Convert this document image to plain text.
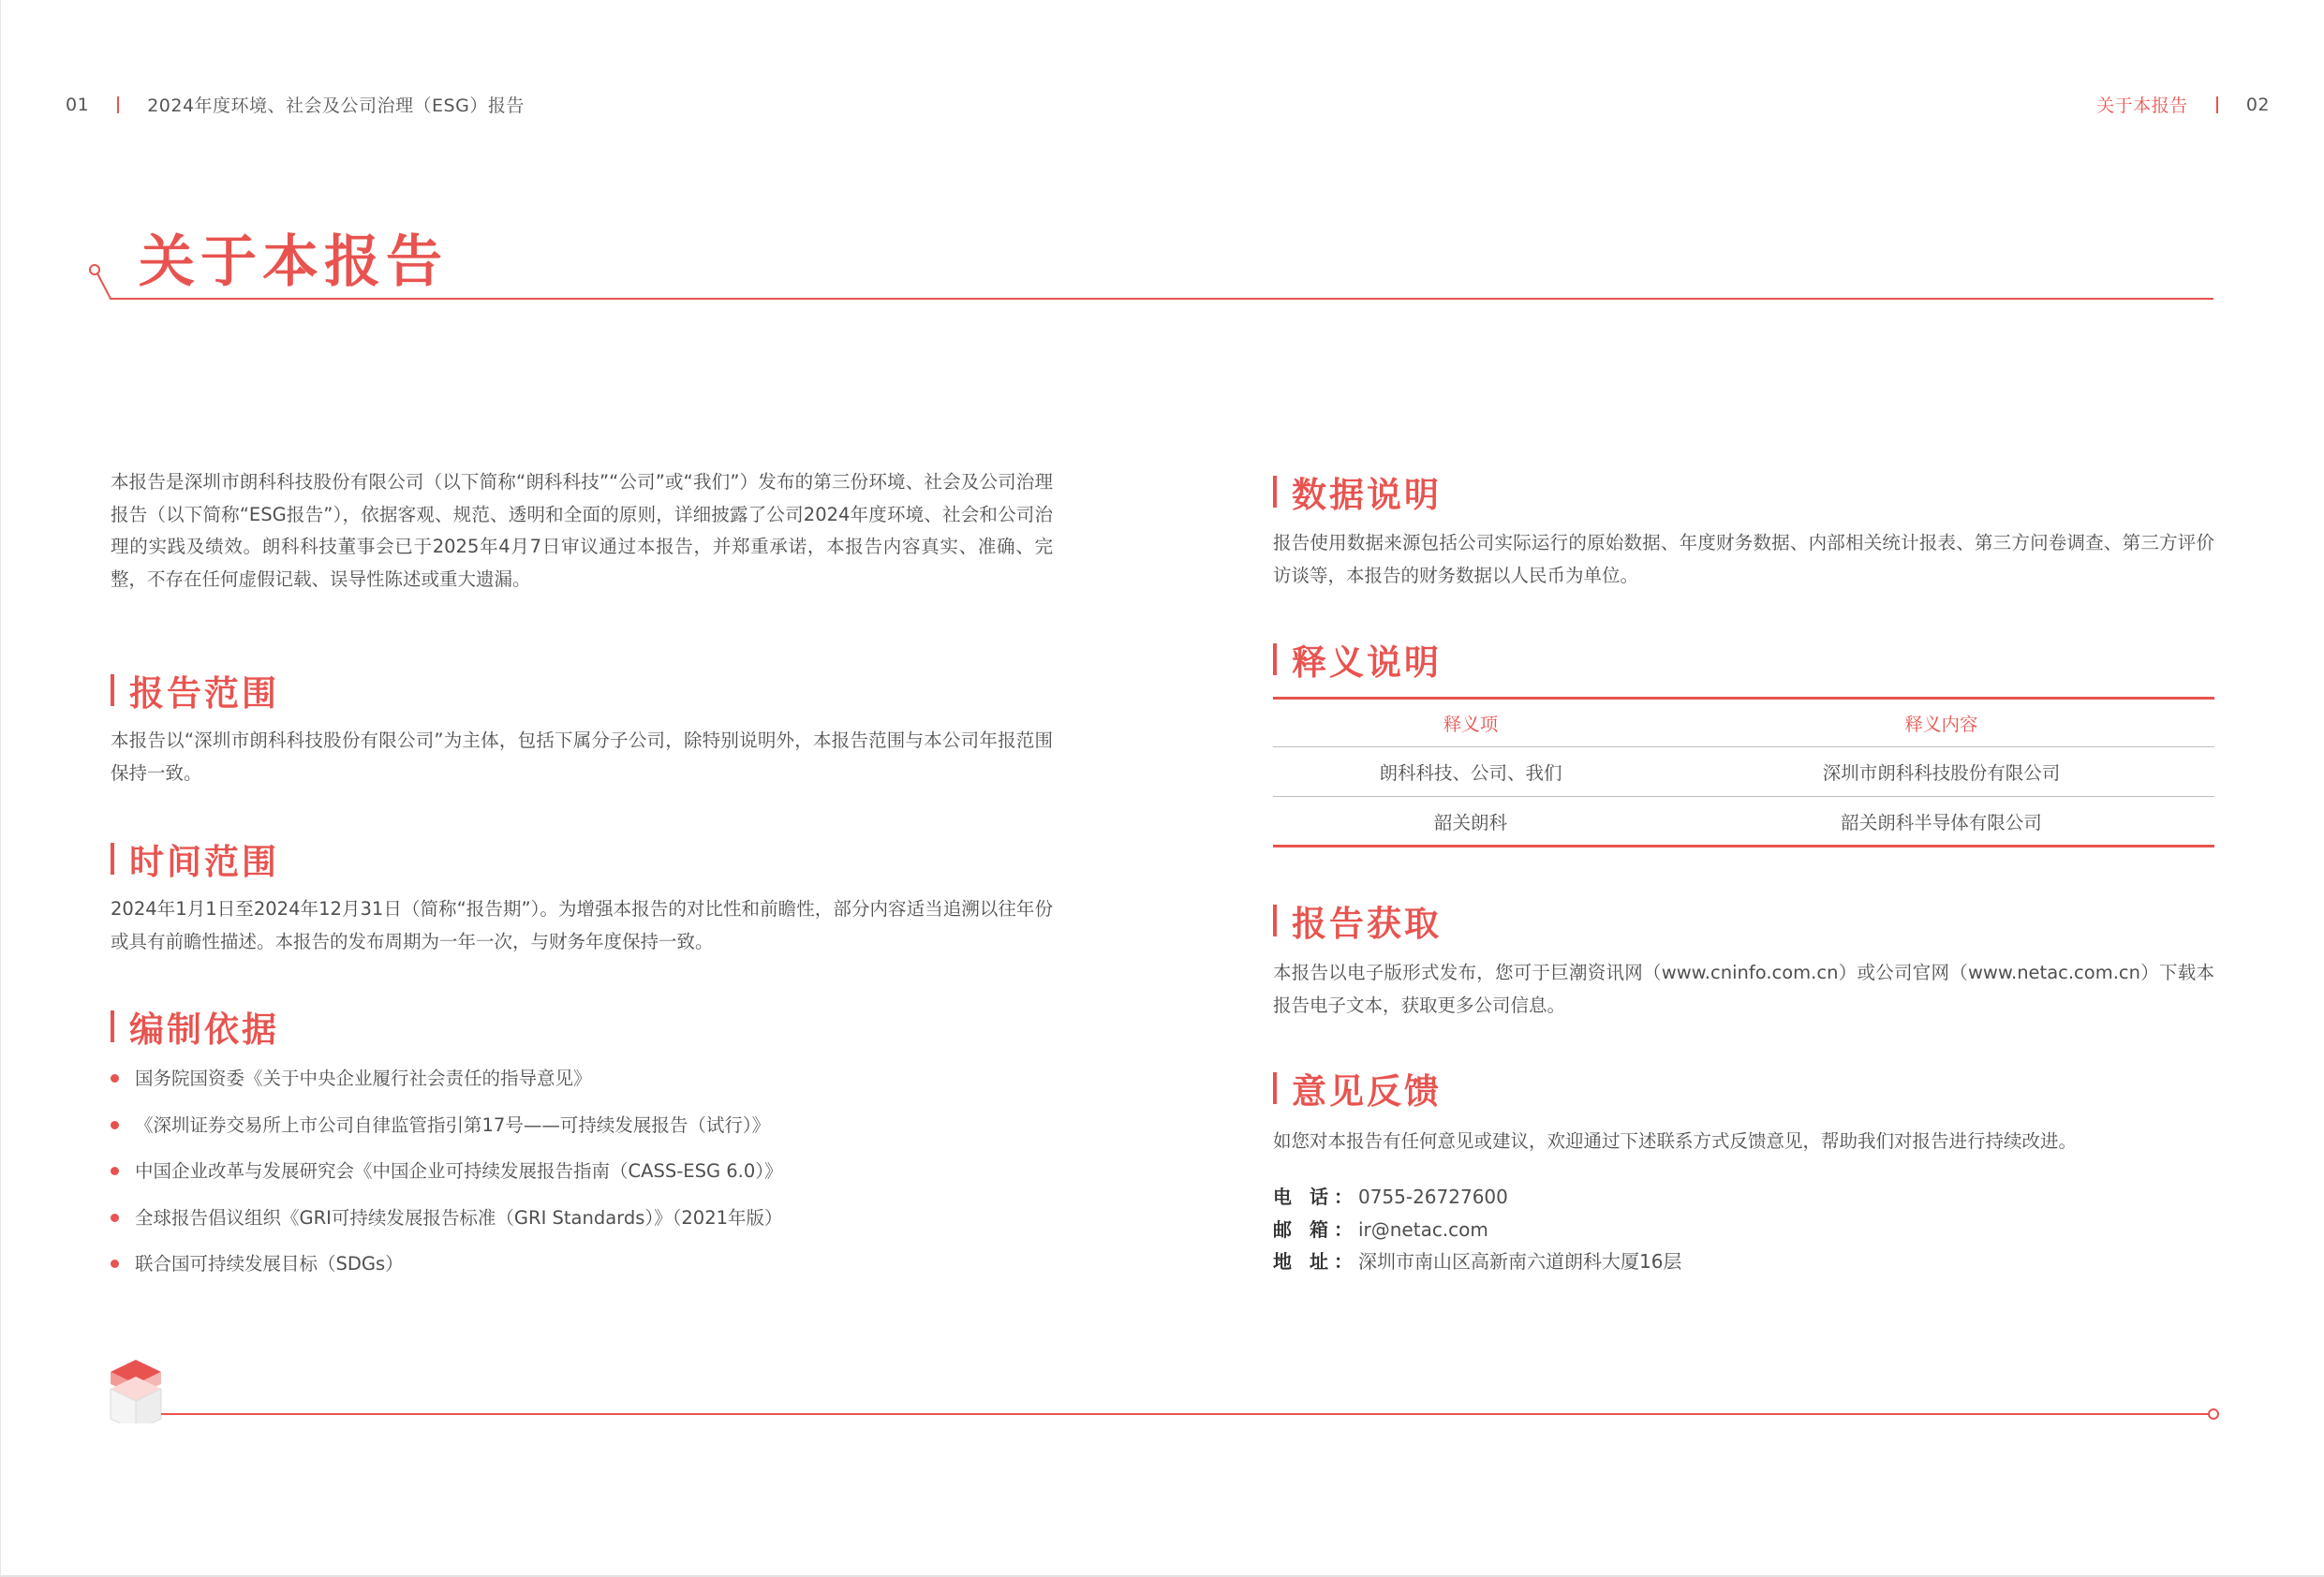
01	2024年度环境、社会及公司治理（ESG）报告	关于本报告	02
关于本报告

本报告是深圳市朗科科技股份有限公司（以下简称“朗科科技”“公司”或“我们”）发布的第三份环境、社会及公司治理报告（以下简称“ESG报告”），依据客观、规范、透明和全面的原则，详细披露了公司2024年度环境、社会和公司治理的实践及绩效。朗科科技董事会已于2025年4月7日审议通过本报告，并郑重承诺，本报告内容真实、准确、完整，不存在任何虚假记载、误导性陈述或重大遗漏。

报告范围

本报告以“深圳市朗科科技股份有限公司”为主体，包括下属分子公司，除特别说明外，本报告范围与本公司年报范围保持一致。

时间范围

2024年1月1日至2024年12月31日（简称“报告期”）。为增强本报告的对比性和前瞻性，部分内容适当追溯以往年份或具有前瞻性描述。本报告的发布周期为一年一次，与财务年度保持一致。

编制依据
国务院国资委《关于中央企业履行社会责任的指导意见》
《深圳证券交易所上市公司自律监管指引第17号——可持续发展报告（试行）》
中国企业改革与发展研究会《中国企业可持续发展报告指南（CASS-ESG 6.0）》
全球报告倡议组织《GRI可持续发展报告标准（GRI Standards）》（2021年版）
联合国可持续发展目标（SDGs）
数据说明

报告使用数据来源包括公司实际运行的原始数据、年度财务数据、内部相关统计报表、第三方问卷调查、第三方评价访谈等，本报告的财务数据以人民币为单位。

释义说明
释义项	释义内容
朗科科技、公司、我们	深圳市朗科科技股份有限公司
韶关朗科	韶关朗科半导体有限公司
报告获取

本报告以电子版形式发布，您可于巨潮资讯网（www.cninfo.com.cn）或公司官网（www.netac.com.cn）下载本报告电子文本，获取更多公司信息。

意见反馈

如您对本报告有任何意见或建议，欢迎通过下述联系方式反馈意见，帮助我们对报告进行持续改进。

电 话：0755-26727600
邮 箱：ir@netac.com
地 址：深圳市南山区高新南六道朗科大厦16层
